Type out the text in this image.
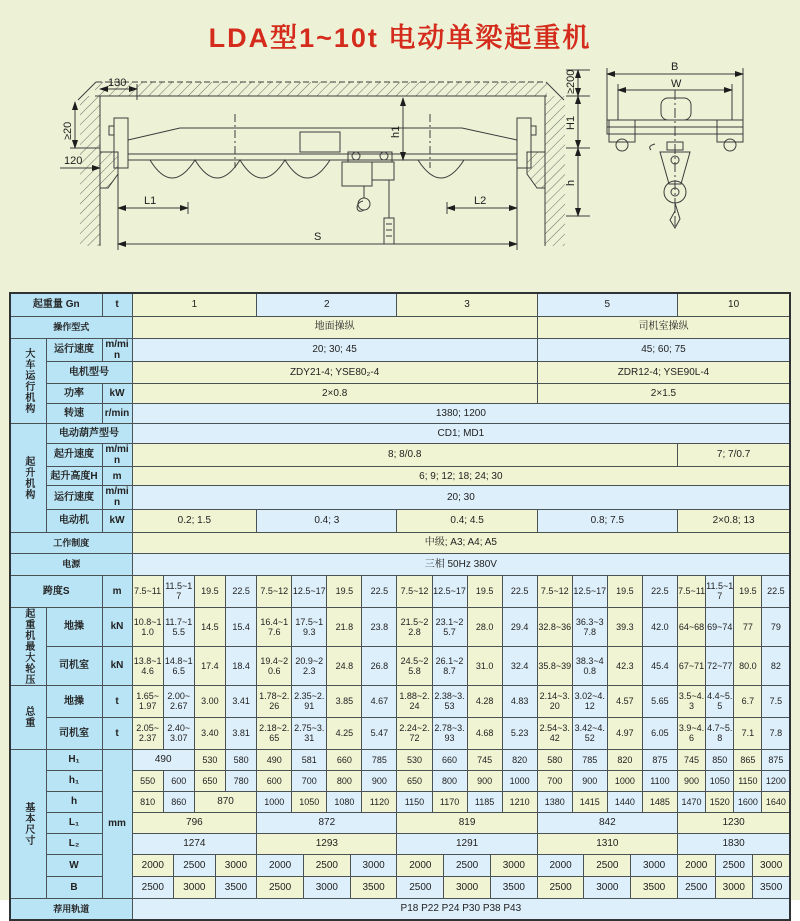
LDA型1~10t 电动单梁起重机
130
≥20
120
L1	L2
S
h1
≥200
H1
h
B
W
起重量 Gn		t	1						2						3						5						10					
操作型式			地面操纵																		司机室操纵											
大车运行机构	运行速度	m/min	20; 30; 45																		45; 60; 75											
	电机型号		ZDY21-4; YSE80₂-4																		ZDR12-4; YSE90L-4											
	功率	kW	2×0.8																		2×1.5											
	转速	r/min	1380; 1200																													
起升机构	电动葫芦型号		CD1; MD1																													
	起升速度	m/min	8; 8/0.8																								7; 7/0.7					
	起升高度H	m	6; 9; 12; 18; 24; 30																													
	运行速度	m/min	20; 30																													
	电动机	kW	0.2; 1.5						0.4; 3						0.4; 4.5						0.8; 7.5						2×0.8; 13					
工作制度			中级; A3; A4; A5																													
电源			三相 50Hz 380V																													
跨度S		m	7.5~11	11.5~17		19.5		22.5	7.5~12	12.5~17		19.5		22.5	7.5~12	12.5~17		19.5		22.5	7.5~12	12.5~17		19.5		22.5	7.5~11	11.5~17		19.5		22.5
起重机最大轮压	地操	kN	10.8~11.0	11.7~15.5		14.5		15.4	16.4~17.6	17.5~19.3		21.8		23.8	21.5~22.8	23.1~25.7		28.0		29.4	32.8~36	36.3~37.8		39.3		42.0	64~68	69~74		77		79
	司机室	kN	13.8~14.6	14.8~16.5		17.4		18.4	19.4~20.6	20.9~22.3		24.8		26.8	24.5~25.8	26.1~28.7		31.0		32.4	35.8~39	38.3~40.8		42.3		45.4	67~71	72~77		80.0		82
总重	地操	t	1.65~1.97	2.00~2.67		3.00		3.41	1.78~2.26	2.35~2.91		3.85		4.67	1.88~2.24	2.38~3.53		4.28		4.83	2.14~3.20	3.02~4.12		4.57		5.65	3.5~4.3	4.4~5.5		6.7		7.5
	司机室	t	2.05~2.37	2.40~3.07		3.40		3.81	2.18~2.65	2.75~3.31		4.25		5.47	2.24~2.72	2.78~3.93		4.68		5.23	2.54~3.42	3.42~4.52		4.97		6.05	3.9~4.6	4.7~5.8		7.1		7.8
基本尺寸	H₁	mm	490			530		580	490	581		660		785	530	660		745		820	580	785		820		875	745	850		865		875
	h₁		550	600		650		780	600	700		800		900	650	800		900		1000	700	900		1000		1100	900	1050		1150		1200
	h		810	860		870			1000	1050		1080		1120	1150	1170		1185		1210	1380	1415		1440		1485	1470	1520		1600		1640
	L₁		796						872						819						842						1230					
	L₂		1274						1293						1291						1310						1830					
	W		2000		2500		3000		2000		2500		3000		2000		2500		3000		2000		2500		3000		2000		2500		3000	
	B		2500		3000		3500		2500		3000		3500		2500		3000		3500		2500		3000		3500		2500		3000		3500	
荐用轨道			P18 P22 P24 P30 P38 P43																													
